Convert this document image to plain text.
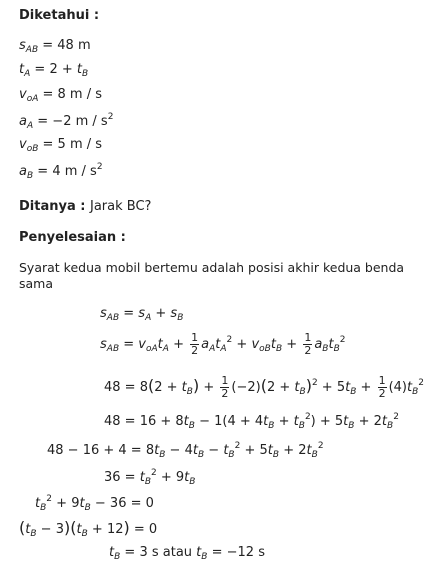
Diketahui :
$s_{AB} = 48$ m
$t_A = 2 + t_B$
$v_{oA} = 8$ m / s
$a_A = -2$ m / $s^2$
$v_{oB} = 5$ m / s
$a_B = 4$ m / $s^2$
Ditanya : Jarak BC?
Penyelesaian :
Syarat kedua mobil bertemu adalah posisi akhir kedua benda
sama
$s_{AB} = s_A + s_B$
$s_{AB} = v_{oA}t_A + \frac{1}{2} a_At_A^2 + v_{oB}t_B + \frac{1}{2} a_Bt_B^2$
$48 = 8(2 + t_B) + \frac{1}{2} (-2)(2 + t_B)^2 + 5t_B + \frac{1}{2} (4)t_B^2$
$48 = 16 + 8t_B - 1(4 + 4t_B + t_B^2) + 5t_B + 2t_B^2$
$48 - 16 + 4 = 8t_B - 4t_B - t_B^2 + 5t_B + 2t_B^2$
$36 = t_B^2 + 9t_B$
$t_B^2 + 9t_B - 36 = 0$
$(t_B - 3)(t_B + 12) = 0$
$t_B = 3$ s atau $t_B = -12$ s
